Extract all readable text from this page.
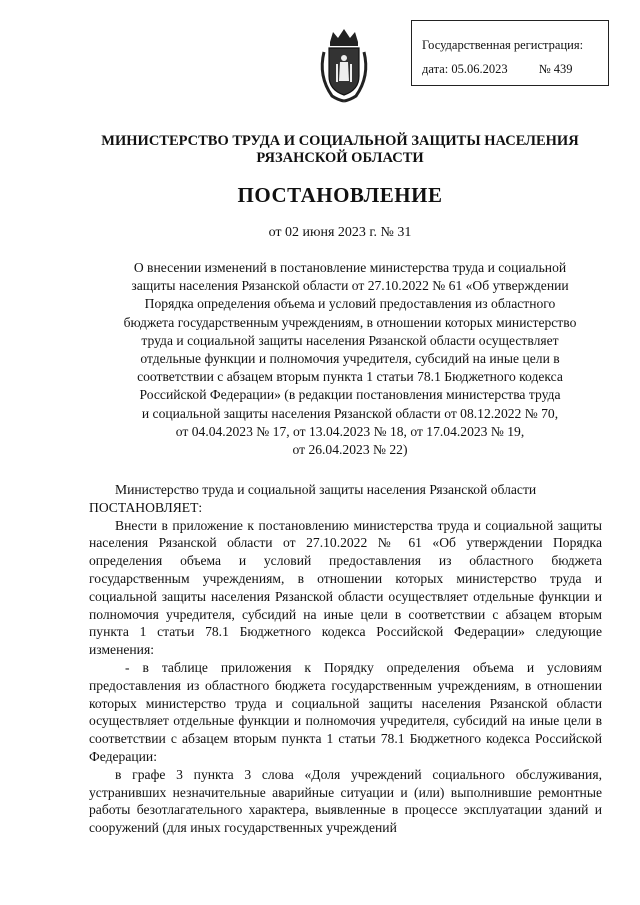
Государственная регистрация:
дата: 05.06.2023 № 439
МИНИСТЕРСТВО ТРУДА И СОЦИАЛЬНОЙ ЗАЩИТЫ НАСЕЛЕНИЯ
РЯЗАНСКОЙ ОБЛАСТИ
ПОСТАНОВЛЕНИЕ
от 02 июня 2023 г. № 31
О внесении изменений в постановление министерства труда и социальной
защиты населения Рязанской области от 27.10.2022 № 61 «Об утверждении
Порядка определения объема и условий предоставления из областного
бюджета государственным учреждениям, в отношении которых министерство
труда и социальной защиты населения Рязанской области осуществляет
отдельные функции и полномочия учредителя, субсидий на иные цели в
соответствии с абзацем вторым пункта 1 статьи 78.1 Бюджетного кодекса
Российской Федерации» (в редакции постановления министерства труда
и социальной защиты населения Рязанской области от 08.12.2022 № 70,
от 04.04.2023 № 17, от 13.04.2023 № 18, от 17.04.2023 № 19,
от 26.04.2023 № 22)

Министерство труда и социальной защиты населения Рязанской области

ПОСТАНОВЛЯЕТ:

Внести в приложение к постановлению министерства труда и социальной защиты населения Рязанской области от 27.10.2022 № 61 «Об утверждении Порядка определения объема и условий предоставления из областного бюджета государственным учреждениям, в отношении которых министерство труда и социальной защиты населения Рязанской области осуществляет отдельные функции и полномочия учредителя, субсидий на иные цели в соответствии с абзацем вторым пункта 1 статьи 78.1 Бюджетного кодекса Российской Федерации» следующие изменения:

- в таблице приложения к Порядку определения объема и условиям предоставления из областного бюджета государственным учреждениям, в отношении которых министерство труда и социальной защиты населения Рязанской области осуществляет отдельные функции и полномочия учредителя, субсидий на иные цели в соответствии с абзацем вторым пункта 1 статьи 78.1 Бюджетного кодекса Российской Федерации:

в графе 3 пункта 3 слова «Доля учреждений социального обслуживания, устранивших незначительные аварийные ситуации и (или) выполнившие ремонтные работы безотлагательного характера, выявленные в процессе эксплуатации зданий и сооружений (для иных государственных учреждений
